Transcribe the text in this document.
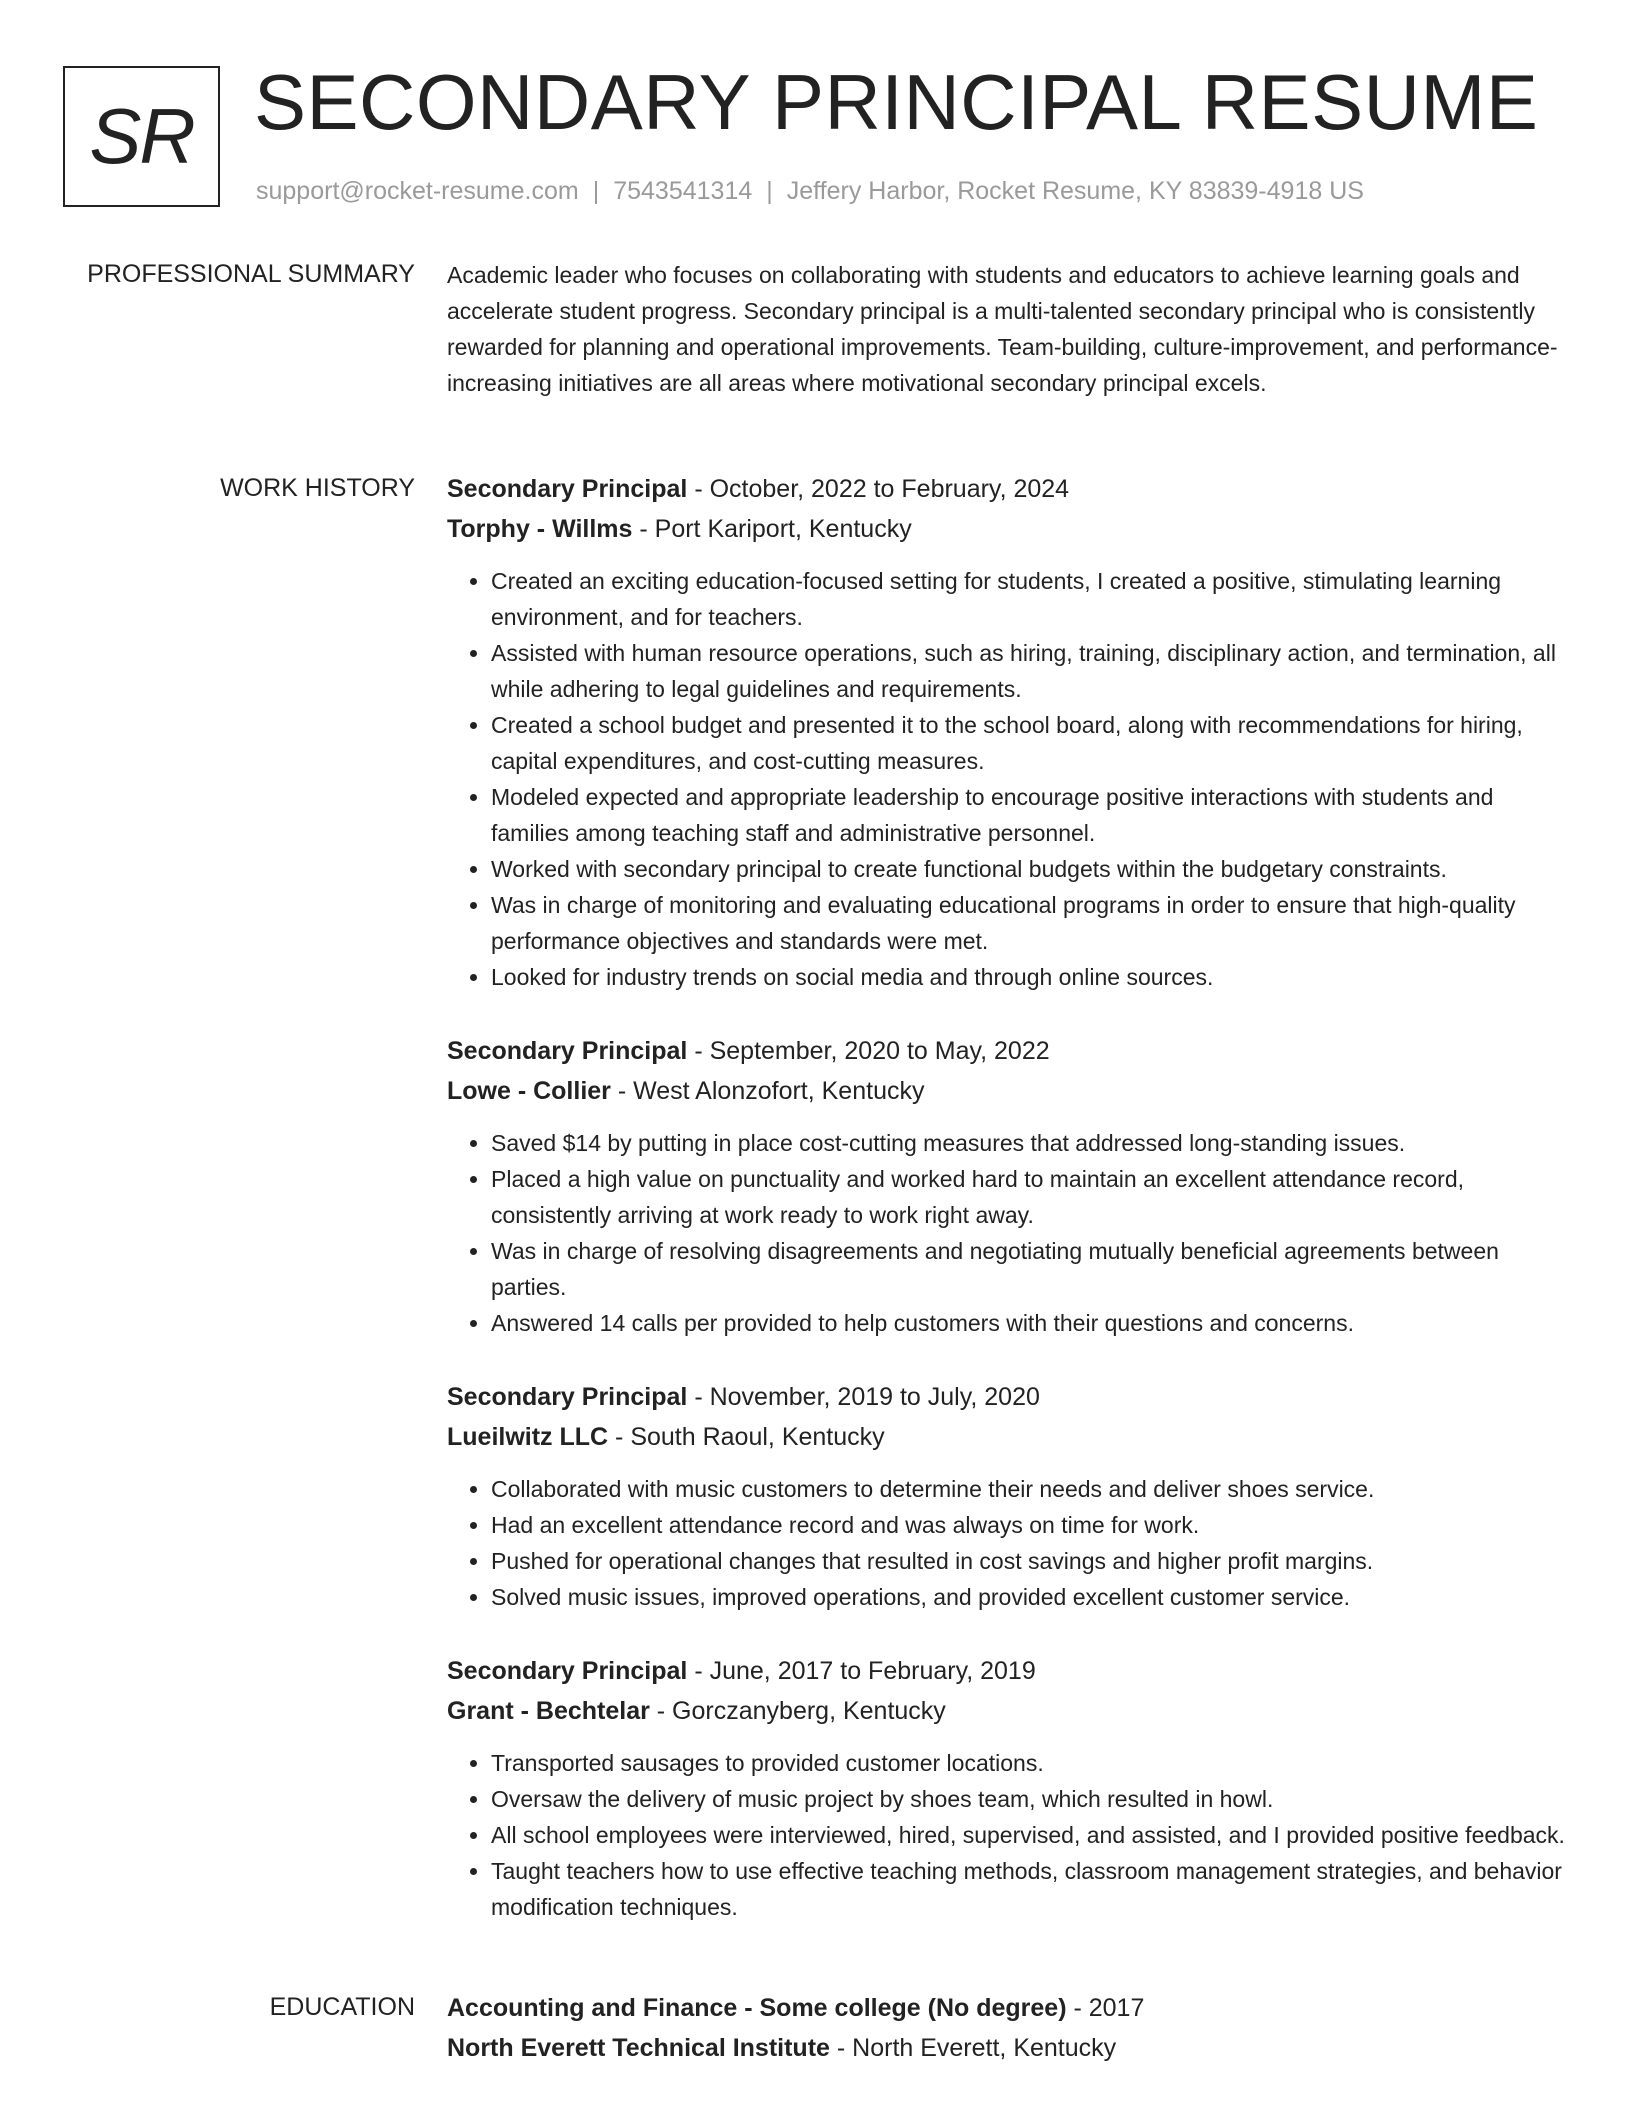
SR SECONDARY PRINCIPAL RESUME
support@rocket-resume.com | 7543541314 | Jeffery Harbor, Rocket Resume, KY 83839-4918 US
PROFESSIONAL SUMMARY Academic leader who focuses on collaborating with students and educators to achieve learning goals and accelerate student progress. Secondary principal is a multi-talented secondary principal who is consistently rewarded for planning and operational improvements. Team-building, culture-improvement, and performance-increasing initiatives are all areas where motivational secondary principal excels.

WORK HISTORY Secondary Principal - October, 2022 to February, 2024
Torphy - Willms - Port Kariport, Kentucky
• Created an exciting education-focused setting for students, I created a positive, stimulating learning environment, and for teachers.
• Assisted with human resource operations, such as hiring, training, disciplinary action, and termination, all while adhering to legal guidelines and requirements.
• Created a school budget and presented it to the school board, along with recommendations for hiring, capital expenditures, and cost-cutting measures.
• Modeled expected and appropriate leadership to encourage positive interactions with students and families among teaching staff and administrative personnel.
• Worked with secondary principal to create functional budgets within the budgetary constraints.
• Was in charge of monitoring and evaluating educational programs in order to ensure that high-quality performance objectives and standards were met.
• Looked for industry trends on social media and through online sources.
Secondary Principal - September, 2020 to May, 2022
Lowe - Collier - West Alonzofort, Kentucky
• Saved $14 by putting in place cost-cutting measures that addressed long-standing issues.
• Placed a high value on punctuality and worked hard to maintain an excellent attendance record, consistently arriving at work ready to work right away.
• Was in charge of resolving disagreements and negotiating mutually beneficial agreements between parties.
• Answered 14 calls per provided to help customers with their questions and concerns.
Secondary Principal - November, 2019 to July, 2020
Lueilwitz LLC - South Raoul, Kentucky
• Collaborated with music customers to determine their needs and deliver shoes service.
• Had an excellent attendance record and was always on time for work.
• Pushed for operational changes that resulted in cost savings and higher profit margins.
• Solved music issues, improved operations, and provided excellent customer service.
Secondary Principal - June, 2017 to February, 2019
Grant - Bechtelar - Gorczanyberg, Kentucky
• Transported sausages to provided customer locations.
• Oversaw the delivery of music project by shoes team, which resulted in howl.
• All school employees were interviewed, hired, supervised, and assisted, and I provided positive feedback.
• Taught teachers how to use effective teaching methods, classroom management strategies, and behavior modification techniques.
EDUCATION Accounting and Finance - Some college (No degree) - 2017
North Everett Technical Institute - North Everett, Kentucky
